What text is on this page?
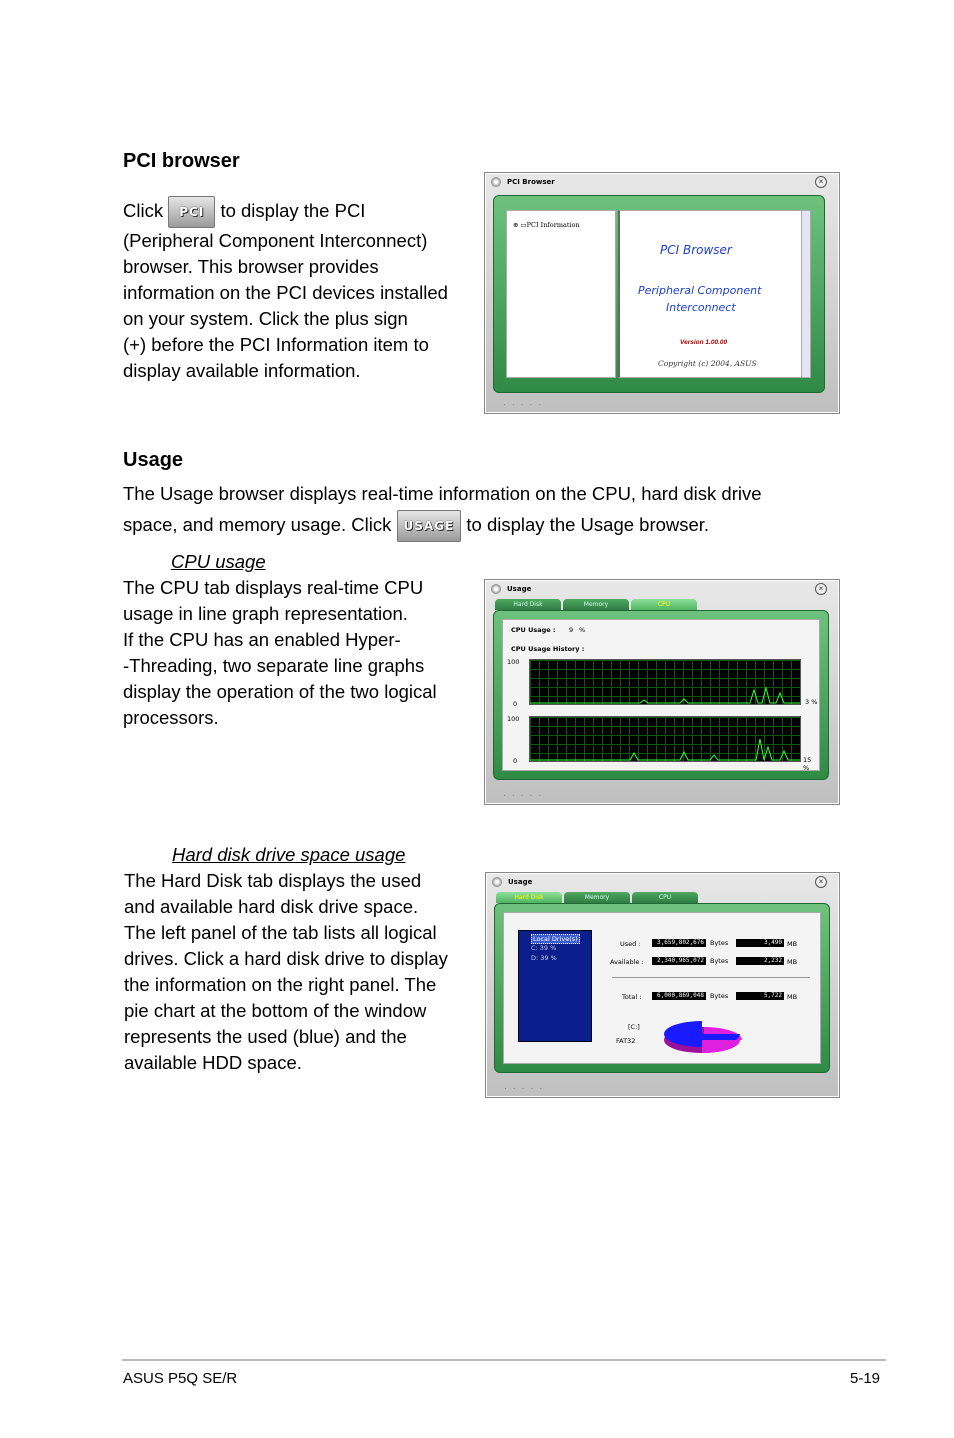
PCI browser

Click PCI to display the PCI

(Peripheral Component Interconnect)

browser. This browser provides

information on the PCI devices installed

on your system. Click the plus sign

(+) before the PCI Information item to

display available information.

PCI Browser	×
⊕ ▭PCI Information
PCI Browser
Peripheral Component
Interconnect
Version 1.00.00
Copyright (c) 2004, ASUS
· · · · ·
Usage

The Usage browser displays real-time information on the CPU, hard disk drive

space, and memory usage. Click USAGE to display the Usage browser.

CPU usage

The CPU tab displays real-time CPU

usage in line graph representation.

If the CPU has an enabled Hyper-

-Threading, two separate line graphs

display the operation of the two logical

processors.

Usage	×
Hard Disk	Memory	CPU
CPU Usage : 9 %
CPU Usage History :
100
0	3 %
100
0	15 %
· · · · ·

Hard disk drive space usage

The Hard Disk tab displays the used

and available hard disk drive space.

The left panel of the tab lists all logical

drives. Click a hard disk drive to display

the information on the right panel. The

pie chart at the bottom of the window

represents the used (blue) and the

available HDD space.

Usage	×
Hard Disk	Memory	CPU
Local Drive(s)
C: 39 %
D: 39 %
Used :	3,659,802,676 Bytes	3,490 MB
Available :	2,340,965,072 Bytes	2,232 MB
Total :	6,000,869,048 Bytes	5,722 MB
[C:]
FAT32
· · · · ·
ASUS P5Q SE/R	5-19
